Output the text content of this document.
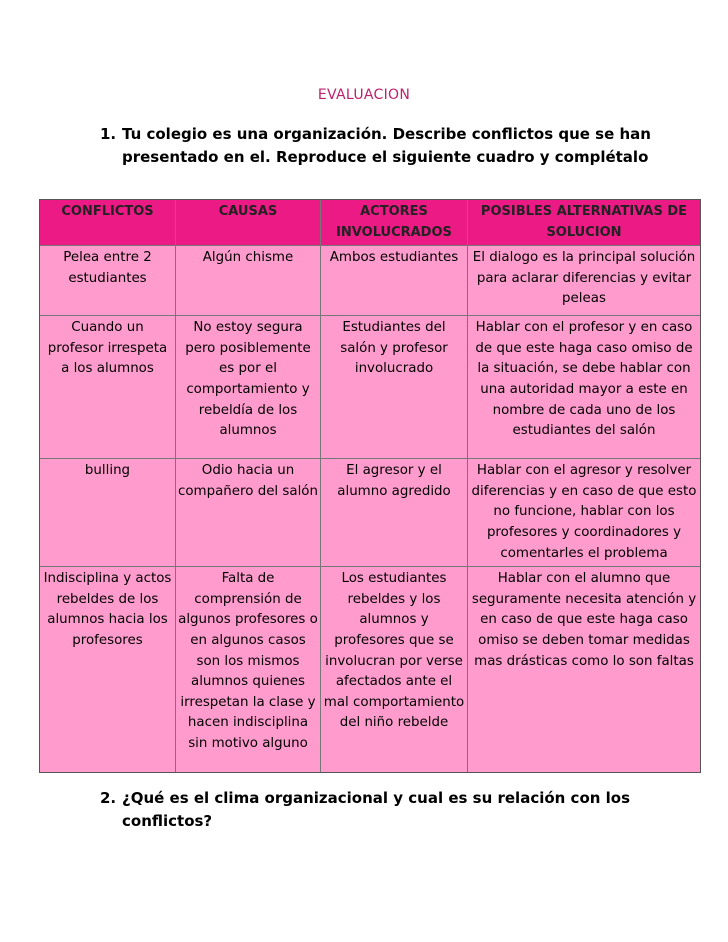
EVALUACION
1. Tu colegio es una organización. Describe conflictos que se han presentado en el. Reproduce el siguiente cuadro y complétalo
CONFLICTOS	CAUSAS	ACTORES INVOLUCRADOS	POSIBLES ALTERNATIVAS DE SOLUCION
Pelea entre 2 estudiantes	Algún chisme	Ambos estudiantes	El dialogo es la principal solución para aclarar diferencias y evitar peleas
Cuando un profesor irrespeta a los alumnos	No estoy segura pero posiblemente es por el comportamiento y rebeldía de los alumnos	Estudiantes del salón y profesor involucrado	Hablar con el profesor y en caso de que este haga caso omiso de la situación, se debe hablar con una autoridad mayor a este en nombre de cada uno de los estudiantes del salón
bulling	Odio hacia un compañero del salón	El agresor y el alumno agredido	Hablar con el agresor y resolver diferencias y en caso de que esto no funcione, hablar con los profesores y coordinadores y comentarles el problema
Indisciplina y actos rebeldes de los alumnos hacia los profesores	Falta de comprensión de algunos profesores o en algunos casos son los mismos alumnos quienes irrespetan la clase y hacen indisciplina sin motivo alguno	Los estudiantes rebeldes y los alumnos y profesores que se involucran por verse afectados ante el mal comportamiento del niño rebelde	Hablar con el alumno que seguramente necesita atención y en caso de que este haga caso omiso se deben tomar medidas mas drásticas como lo son faltas
2. ¿Qué es el clima organizacional y cual es su relación con los conflictos?
